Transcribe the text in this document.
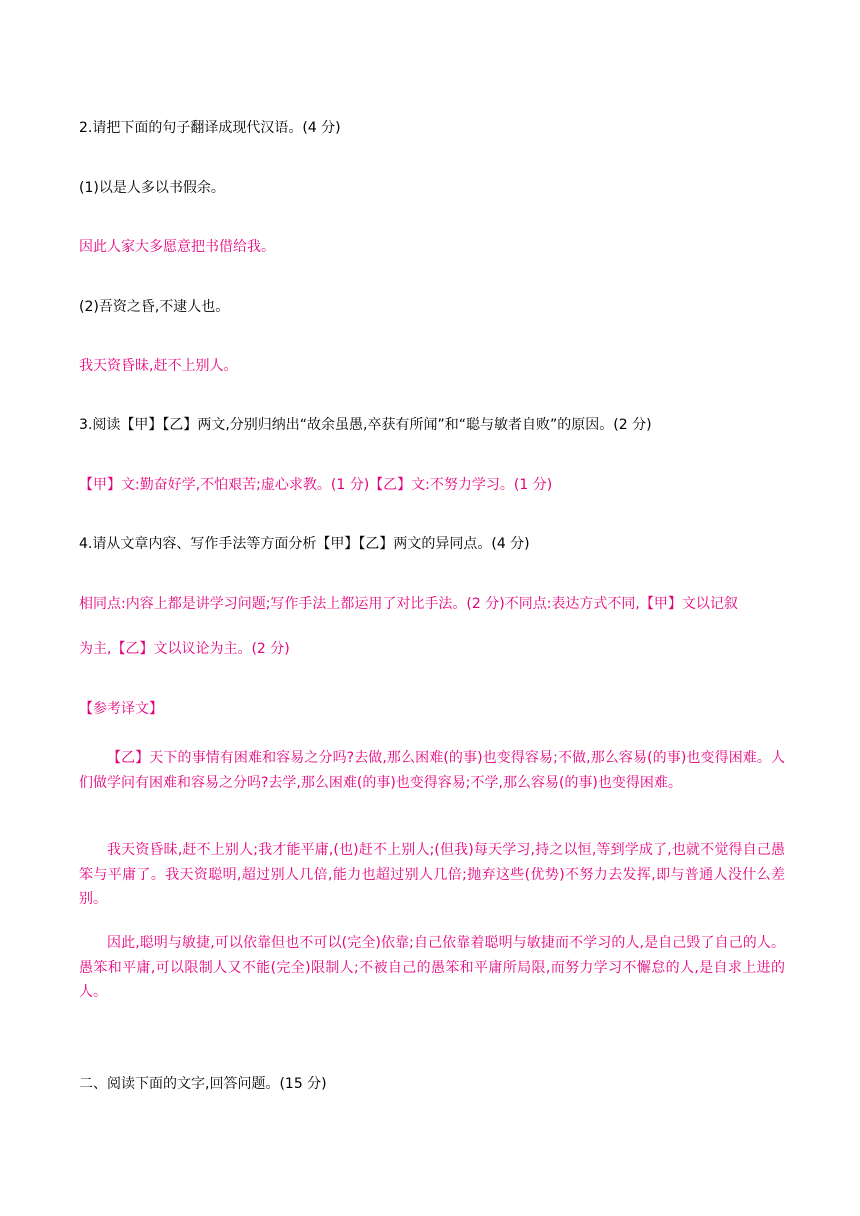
2.请把下面的句子翻译成现代汉语。(4 分)
(1)以是人多以书假余。
因此人家大多愿意把书借给我。
(2)吾资之昏,不逮人也。
我天资昏昧,赶不上别人。
3.阅读【甲】【乙】两文,分别归纳出“故余虽愚,卒获有所闻”和“聪与敏者自败”的原因。(2 分)
【甲】文:勤奋好学,不怕艰苦;虚心求教。(1 分)【乙】文:不努力学习。(1 分)
4.请从文章内容、写作手法等方面分析【甲】【乙】两文的异同点。(4 分)
相同点:内容上都是讲学习问题;写作手法上都运用了对比手法。(2 分)不同点:表达方式不同,【甲】文以记叙
为主,【乙】文以议论为主。(2 分)
【参考译文】
【乙】天下的事情有困难和容易之分吗?去做,那么困难(的事)也变得容易;不做,那么容易(的事)也变得困难。人们做学问有困难和容易之分吗?去学,那么困难(的事)也变得容易;不学,那么容易(的事)也变得困难。
我天资昏昧,赶不上别人;我才能平庸,(也)赶不上别人;(但我)每天学习,持之以恒,等到学成了,也就不觉得自己愚笨与平庸了。我天资聪明,超过别人几倍,能力也超过别人几倍;抛弃这些(优势)不努力去发挥,即与普通人没什么差别。
因此,聪明与敏捷,可以依靠但也不可以(完全)依靠;自己依靠着聪明与敏捷而不学习的人,是自己毁了自己的人。愚笨和平庸,可以限制人又不能(完全)限制人;不被自己的愚笨和平庸所局限,而努力学习不懈怠的人,是自求上进的人。
二、阅读下面的文字,回答问题。(15 分)
